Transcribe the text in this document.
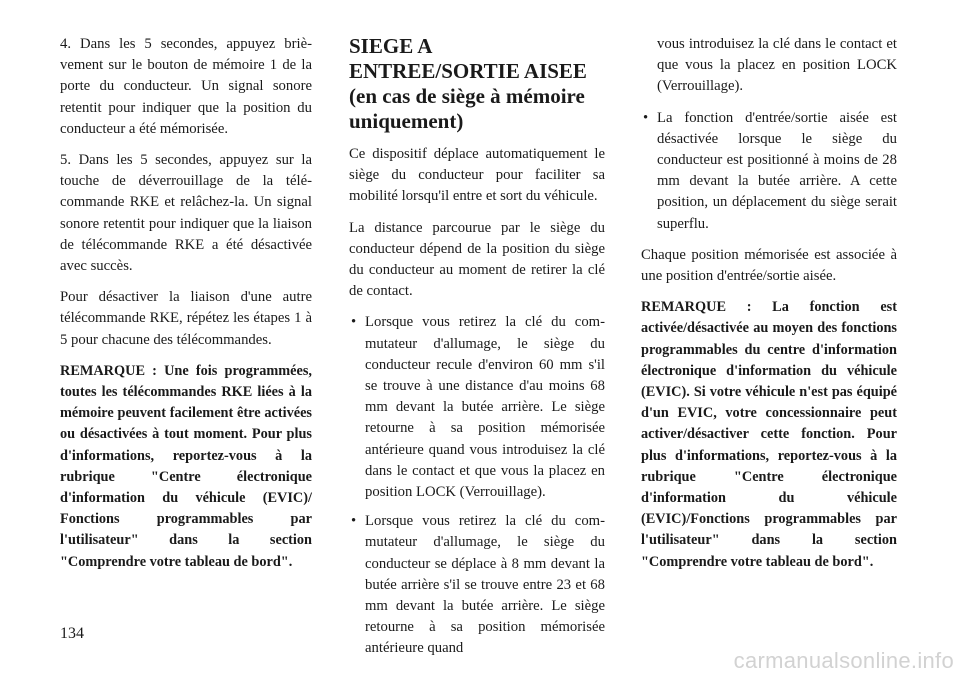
4. Dans les 5 secondes, appuyez brièvement sur le bouton de mémoire 1 de la porte du conducteur. Un signal sonore retentit pour indiquer que la position du conducteur a été mémorisée.

5. Dans les 5 secondes, appuyez sur la touche de déverrouillage de la télécommande RKE et relâchez-la. Un signal sonore retentit pour indiquer que la liaison de télécommande RKE a été désactivée avec succès.

Pour désactiver la liaison d'une autre télécommande RKE, répétez les étapes 1 à 5 pour chacune des télécommandes.

REMARQUE : Une fois programmées, toutes les télécommandes RKE liées à la mémoire peuvent facilement être activées ou désactivées à tout moment. Pour plus d'informations, reportez-vous à la rubrique "Centre électronique d'information du véhicule (EVIC)/ Fonctions programmables par l'utilisateur" dans la section "Comprendre votre tableau de bord".

SIEGE A ENTREE/SORTIE AISEE (en cas de siège à mémoire uniquement)

Ce dispositif déplace automatiquement le siège du conducteur pour faciliter sa mobilité lorsqu'il entre et sort du véhicule.

La distance parcourue par le siège du conducteur dépend de la position du siège du conducteur au moment de retirer la clé de contact.

• Lorsque vous retirez la clé du commutateur d'allumage, le siège du conducteur recule d'environ 60 mm s'il se trouve à une distance d'au moins 68 mm devant la butée arrière. Le siège retourne à sa position mémorisée antérieure quand vous introduisez la clé dans le contact et que vous la placez en position LOCK (Verrouillage).
• Lorsque vous retirez la clé du commutateur d'allumage, le siège du conducteur se déplace à 8 mm devant la butée arrière s'il se trouve entre 23 et 68 mm devant la butée arrière. Le siège retourne à sa position mémorisée antérieure quand

vous introduisez la clé dans le contact et que vous la placez en position LOCK (Verrouillage).

• La fonction d'entrée/sortie aisée est désactivée lorsque le siège du conducteur est positionné à moins de 28 mm devant la butée arrière. A cette position, un déplacement du siège serait superflu.

Chaque position mémorisée est associée à une position d'entrée/sortie aisée.

REMARQUE : La fonction est activée/désactivée au moyen des fonctions programmables du centre d'information électronique d'information du véhicule (EVIC). Si votre véhicule n'est pas équipé d'un EVIC, votre concessionnaire peut activer/désactiver cette fonction. Pour plus d'informations, reportez-vous à la rubrique "Centre électronique d'information du véhicule (EVIC)/Fonctions programmables par l'utilisateur" dans la section "Comprendre votre tableau de bord".

134
carmanualsonline.info
